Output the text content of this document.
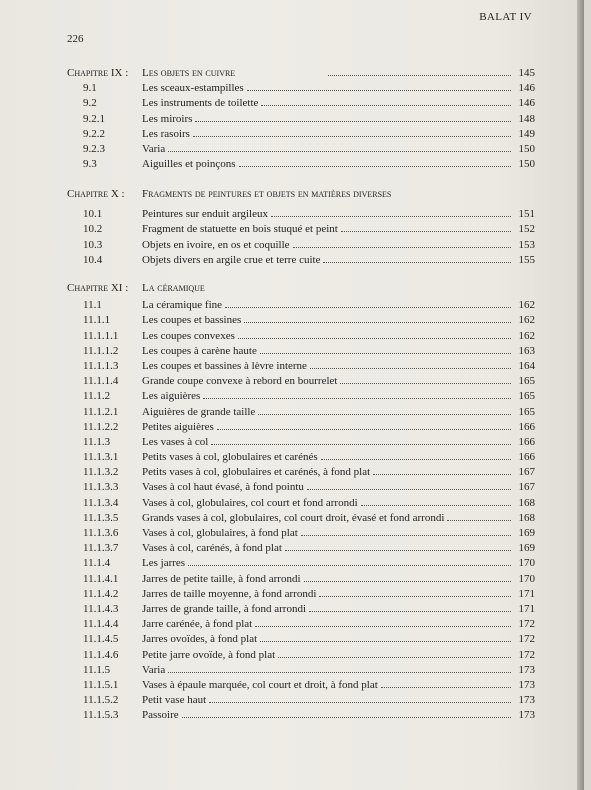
BALAT IV
226
Chapitre IX :	Les objets en cuivre	145
9.1	Les sceaux-estampilles	146
9.2	Les instruments de toilette	146
9.2.1	Les miroirs	148
9.2.2	Les rasoirs	149
9.2.3	Varia	150
9.3	Aiguilles et poinçons	150
Chapitre X :	Fragments de peintures et objets en matières diverses
10.1	Peintures sur enduit argileux	151
10.2	Fragment de statuette en bois stuqué et peint	152
10.3	Objets en ivoire, en os et coquille	153
10.4	Objets divers en argile crue et terre cuite	155
Chapitre XI :	La céramique
11.1	La céramique fine	162
11.1.1	Les coupes et bassines	162
11.1.1.1	Les coupes convexes	162
11.1.1.2	Les coupes à carène haute	163
11.1.1.3	Les coupes et bassines à lèvre interne	164
11.1.1.4	Grande coupe convexe à rebord en bourrelet	165
11.1.2	Les aiguières	165
11.1.2.1	Aiguières de grande taille	165
11.1.2.2	Petites aiguières	166
11.1.3	Les vases à col	166
11.1.3.1	Petits vases à col, globulaires et carénés	166
11.1.3.2	Petits vases à col, globulaires et carénés, à fond plat	167
11.1.3.3	Vases à col haut évasé, à fond pointu	167
11.1.3.4	Vases à col, globulaires, col court et fond arrondi	168
11.1.3.5	Grands vases à col, globulaires, col court droit, évasé et fond arrondi	168
11.1.3.6	Vases à col, globulaires, à fond plat	169
11.1.3.7	Vases à col, carénés, à fond plat	169
11.1.4	Les jarres	170
11.1.4.1	Jarres de petite taille, à fond arrondi	170
11.1.4.2	Jarres de taille moyenne, à fond arrondi	171
11.1.4.3	Jarres de grande taille, à fond arrondi	171
11.1.4.4	Jarre carénée, à fond plat	172
11.1.4.5	Jarres ovoïdes, à fond plat	172
11.1.4.6	Petite jarre ovoïde, à fond plat	172
11.1.5	Varia	173
11.1.5.1	Vases à épaule marquée, col court et droit, à fond plat	173
11.1.5.2	Petit vase haut	173
11.1.5.3	Passoire	173
